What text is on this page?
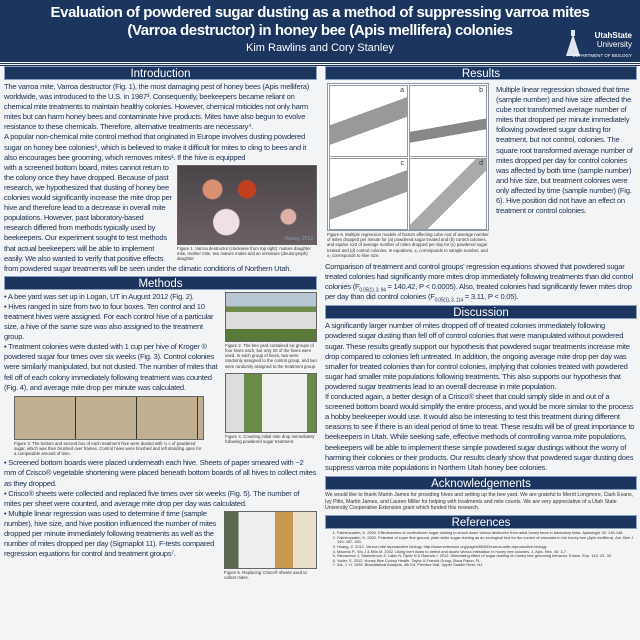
Evaluation of powdered sugar dusting as a method of suppressing varroa mites
(Varroa destructor) in honey bee (Apis mellifera) colonies
Kim Rawlins and Cory Stanley
UtahState
University
DEPARTMENT OF BIOLOGY
Introduction
The varroa mite, Varroa destructor (Fig. 1), the most damaging pest of honey bees (Apis mellifera) worldwide, was introduced to the U.S. in 1987³. Consequently, beekeepers became reliant on chemical mite treatments to maintain healthy colonies. However, chemical miticides not only harm mites but can harm honey bees and contaminate hive products. Mites have also begun to evolve resistance to these chemicals. Therefore, alternative treatments are necessary⁴.
A popular non-chemical mite control method that originated in Europe involves dusting powdered sugar on honey bee colonies⁶, which is believed to make it difficult for mites to cling to bees and it also encourages bee grooming, which removes mites¹. If the hive is equipped
Huang, 2012
Figure 1. Varroa destructor (clockwise from top right): mature daughter mite, mother mite, two mature males and an immature (deutonymph) daughter
with a screened bottom board, mites cannot return to the colony once they have dropped. Because of past research, we hypothesized that dusting of honey bee colonies would significantly increase the mite drop per hive and therefore lead to a decrease in overall mite populations. However, past laboratory-based research differed from methods typically used by beekeepers. Our experiment sought to test methods that actual beekeepers will be able to implement easily. We also wanted to verify that positive effects from powdered sugar treatments will be seen under the climatic conditions of Northern Utah.
Methods
Figure 2. The bee yard contained six groups of four hives each, but only 20 of the hives were used. In each group of hives, two were randomly assigned to the control group, and two were randomly assigned to the treatment group.
Figure 4. Counting initial mite drop immediately following powdered sugar treatment.
• A bee yard was set up in Logan, UT in August 2012 (Fig. 2).
• Hives ranged in size from two to four boxes. Ten control and 10 treatment hives were assigned. For each control hive of a particular size, a hive of the same size was also assigned to the treatment group.
• Treatment colonies were dusted with 1 cup per hive of Kroger ® powdered sugar four times over six weeks (Fig. 3). Control colonies were similarly manipulated, but not dusted. The number of mites that fell off of each colony immediately following treatment was counted (Fig. 4), and average mite drop per minute was calculated.
Figure 3: The bottom and second box of each treatment hive were dusted with ¼ c of powdered sugar, which was then brushed over frames. Control hives were brushed and left standing open for a comparable amount of time.
• Screened bottom boards were placed underneath each hive. Sheets of paper smeared with ~2 mm of Crisco® vegetable shortening were placed beneath bottom boards of all hives to collect mites as they dropped.
• Crisco® sheets were collected and replaced five times over six weeks (Fig. 5). The number of mites per sheet were counted, and average mite drop per day was calculated.
Figure 5. Replacing Crisco® sheets used to collect mites.
• Multiple linear regression was used to determine if time (sample number), hive size, and hive position influenced the number of mites dropped per minute immediately following treatments as well as the number of mites dropped per day (Sigmaplot 11). F-tests compared regression equations for control and treatment groups⁷.
Results
a	b
c	d
Figure 6. Multiple regression models of factors affecting cube root of average number of mites dropped per minute for (a) powdered sugar treated and (b) control colonies, and square root of average number of mites dropped per day for (c) powdered sugar treated and (d) control colonies. In equations, x₁ corresponds to sample number, and x₂ corresponds to hive size.
Multiple linear regression showed that time (sample number) and hive size affected the cube root transformed average number of mites that dropped per minute immediately following powdered sugar dusting for treatment, but not control, colonies. The square root transformed average number of mites dropped per day for control colonies was affected by both time (sample number) and hive size, but treatment colonies were only affected by time (sample number) (Fig. 6). Hive position did not have an effect on treatment or control colonies.
Comparison of treatment and control groups' regression equations showed that powdered sugar treated colonies had significantly more mites drop immediately following treatments than did control colonies ($F_{0.05(1), 3, 94} = 140.42$, P < 0.0005). Also, treated colonies had significantly fewer mites drop per day than did control colonies ($F_{0.05(1), 3, 114} = 3.11$, P < 0.05).
Discussion
A significantly larger number of mites dropped off of treated colonies immediately following powdered sugar dusting than fell off of control colonies that were manipulated without powdered sugar. These results greatly support our hypothesis that powdered sugar treatments increase mite drop compared to colonies left untreated. In addition, the ongoing average mite drop per day was smaller for treated colonies than for control colonies, implying that colonies treated with powdered sugar had smaller mite populations following treatments. This also supports our hypothesis that powdered sugar treatments lead to an overall decrease in mite population.
If conducted again, a better design of a Crisco® sheet that could simply slide in and out of a screened bottom board would simplify the entire process, and would be more similar to the process a hobby beekeeper would use. It would also be interesting to test this treatment during different seasons to see if there is an ideal period of time to treat. These results will be of great importance to beekeepers in Utah. While seeking safe, effective methods of controlling varroa mite populations, beekeepers will be able to implement these simple powdered sugar dustings without the worry of harming their colonies or their products. Our results clearly show that powdered sugar dusting does suppress varroa mite populations in Northern Utah honey bee colonies.
Acknowledgements
We would like to thank Martin James for providing hives and setting up the bee yard. We are grateful to Merrit Longmore, Clark Evans, Ivy Pitts, Martin James, and Lauren Miller for helping with treatments and mite counts. We are very appreciative of a Utah State University Cooperative Extension grant which funded this research.
References
1. Fakhimzadeh, K. 2000. Effectiveness of confectioner sugar dusting to knock down Varroa destructor from adult honey bees in laboratory trials. Apidologie 32: 139-148.
2. Fakhimzadeh, K. 2000. Potential of super fine ground, plain white sugar dusting as an ecological tool for the control of varroasis in the honey bee (Apis mellifera). Am. Bee J. 140: 487- 491.
3. Huang, Z. 2012. Varroa mite reproductive biology. http://www.extension.org/pages/65450/varroa-mite-reproductive-biology
4. Macedo P., Wu J & Ellis M. 2002. Using inert dusts to detect and asses Varroa infestation in honey bee colonies. J. Apic. Res. 40: 3-7.
5. Stevanovic J, Stanimirovic Z, Lakic N, Djelic N & Radovic I. 2012. Stimulating effect of sugar dusting on honey bee grooming behavior. Entom. Exp. 143: 23- 30.
6. Yoder, S. 2012. Honey Bee Colony Health. Taylor & Francis Group, Boca Raton, FL.
7. Zar, J. H. 1999. Biostatistical Analysis, 4th Ed. Prentice Hall, Upper Saddle River, NJ.
